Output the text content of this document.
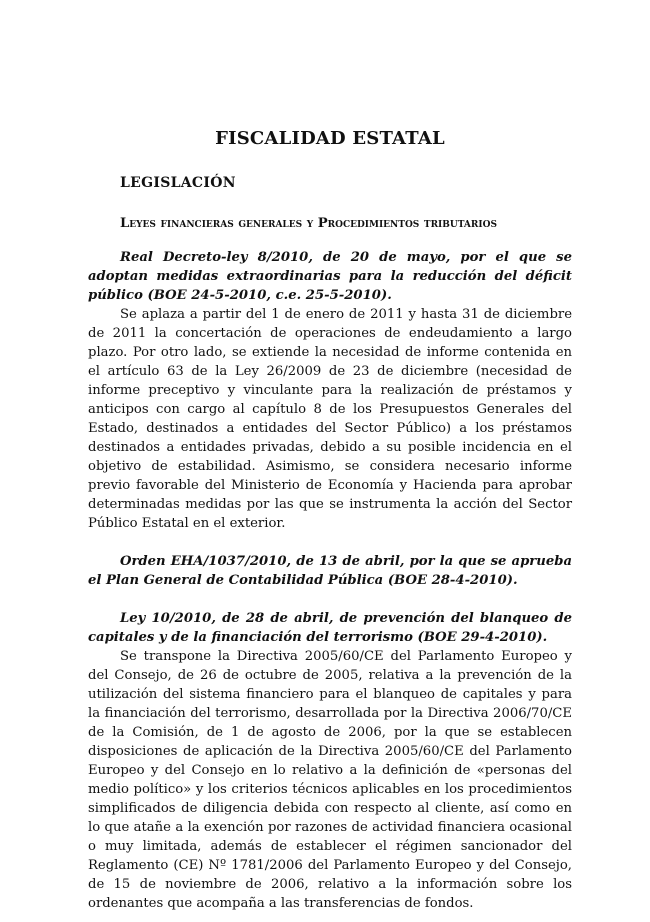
FISCALIDAD ESTATAL
LEGISLACIÓN
Leyes financieras generales y Procedimientos tributarios

Real Decreto-ley 8/2010, de 20 de mayo, por el que se adoptan medidas extraordinarias para la reducción del déficit público (BOE 24-5-2010, c.e. 25-5-2010).

Se aplaza a partir del 1 de enero de 2011 y hasta 31 de diciembre de 2011 la concertación de operaciones de endeudamiento a largo plazo. Por otro lado, se extiende la necesidad de informe contenida en el artículo 63 de la Ley 26/2009 de 23 de diciembre (necesidad de informe preceptivo y vinculante para la realización de préstamos y anticipos con cargo al capítulo 8 de los Presupuestos Generales del Estado, destinados a entidades del Sector Público) a los préstamos destinados a entidades privadas, debido a su posible incidencia en el objetivo de estabilidad. Asimismo, se considera necesario informe previo favorable del Ministerio de Economía y Hacienda para aprobar determinadas medidas por las que se instrumenta la acción del Sector Público Estatal en el exterior.

Orden EHA/1037/2010, de 13 de abril, por la que se aprueba el Plan General de Contabilidad Pública (BOE 28-4-2010).

Ley 10/2010, de 28 de abril, de prevención del blanqueo de capitales y de la financiación del terrorismo (BOE 29-4-2010).

Se transpone la Directiva 2005/60/CE del Parlamento Europeo y del Consejo, de 26 de octubre de 2005, relativa a la prevención de la utilización del sistema financiero para el blanqueo de capitales y para la financiación del terrorismo, desarrollada por la Directiva 2006/70/CE de la Comisión, de 1 de agosto de 2006, por la que se establecen disposiciones de aplicación de la Directiva 2005/60/CE del Parlamento Europeo y del Consejo en lo relativo a la definición de «personas del medio político» y los criterios técnicos aplicables en los procedimientos simplificados de diligencia debida con respecto al cliente, así como en lo que atañe a la exención por razones de actividad financiera ocasional o muy limitada, además de establecer el régimen sancionador del Reglamento (CE) Nº 1781/2006 del Parlamento Europeo y del Consejo, de 15 de noviembre de 2006, relativo a la información sobre los ordenantes que acompaña a las transferencias de fondos.
